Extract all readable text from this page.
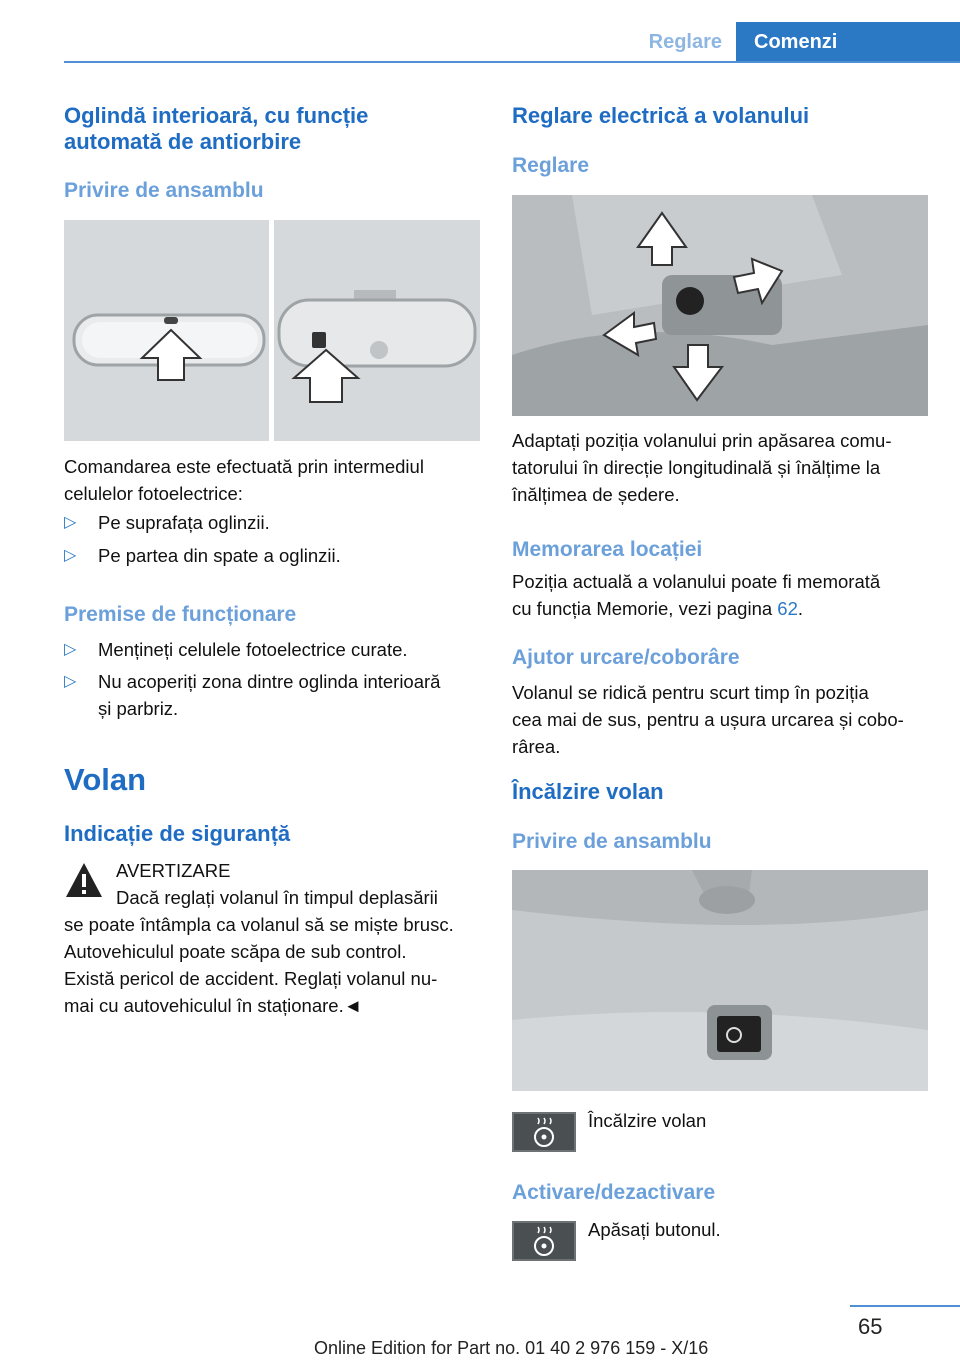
Reglare	Comenzi
Oglindă interioară, cu funcție
automată de antiorbire
Privire de ansamblu
Comandarea este efectuată prin intermediul
celulelor fotoelectrice:
▷ Pe suprafața oglinzii.
▷ Pe partea din spate a oglinzii.
Premise de funcționare
▷ Mențineți celulele fotoelectrice curate.
▷ Nu acoperiți zona dintre oglinda interioară
și parbriz.
Volan
Indicație de siguranță
AVERTIZARE
Dacă reglați volanul în timpul deplasării
se poate întâmpla ca volanul să se miște brusc.
Autovehiculul poate scăpa de sub control.
Există pericol de accident. Reglați volanul nu-
mai cu autovehiculul în staționare.◄
Reglare electrică a volanului
Reglare
Adaptați poziția volanului prin apăsarea comu-
tatorului în direcție longitudinală și înălțime la
înălțimea de ședere.
Memorarea locației
Poziția actuală a volanului poate fi memorată
cu funcția Memorie, vezi pagina 62.
Ajutor urcare/coborâre
Volanul se ridică pentru scurt timp în poziția
cea mai de sus, pentru a ușura urcarea și cobo-
rârea.
Încălzire volan
Privire de ansamblu
Încălzire volan
Activare/dezactivare
Apăsați butonul.
65
Online Edition for Part no. 01 40 2 976 159 - X/16
